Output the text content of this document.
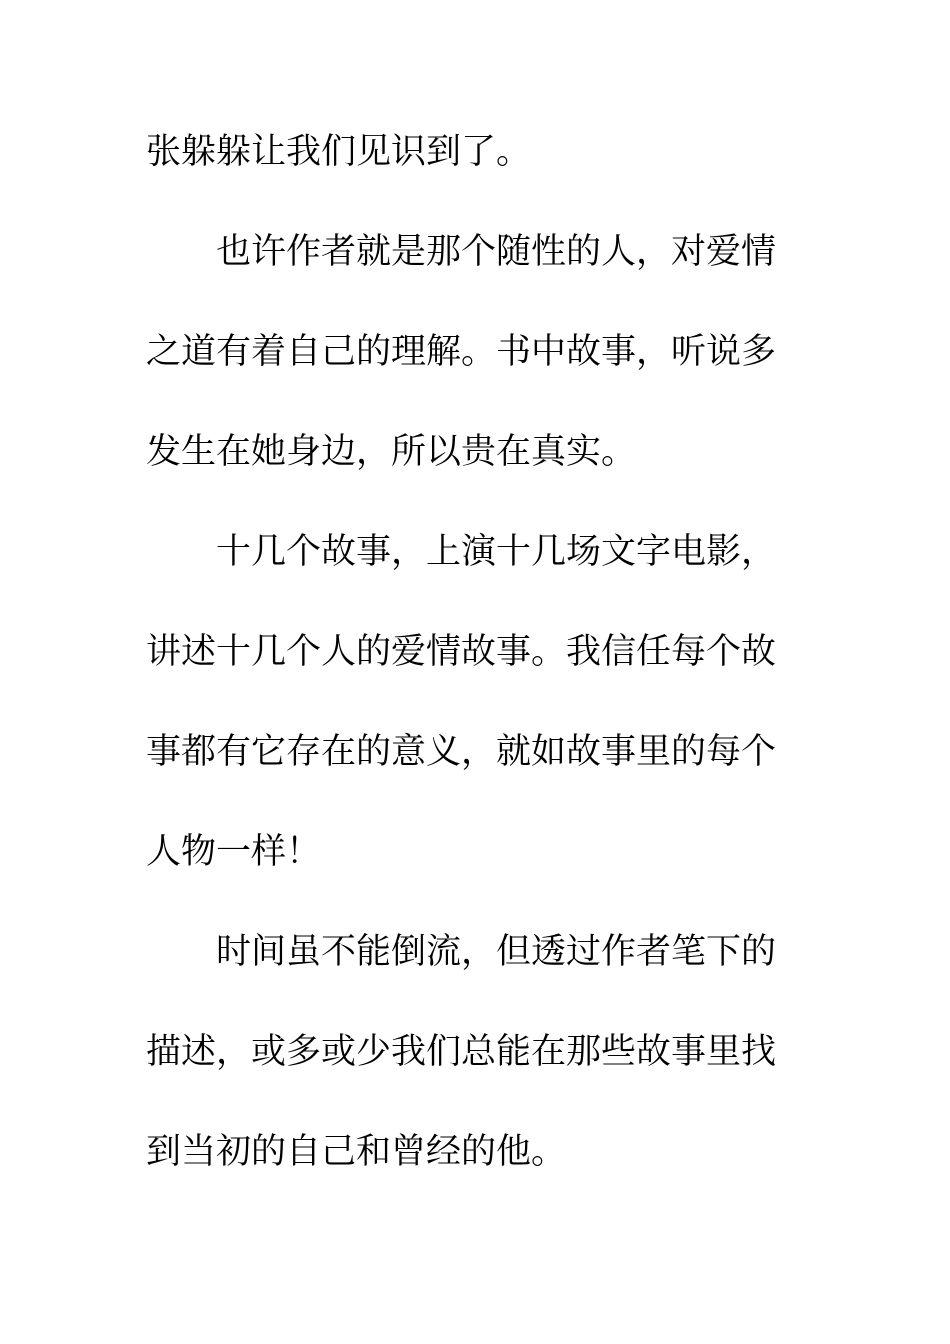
张躲躲让我们见识到了。

也许作者就是那个随性的人，对爱情

之道有着自己的理解。书中故事，听说多

发生在她身边，所以贵在真实。

十几个故事，上演十几场文字电影，

讲述十几个人的爱情故事。我信任每个故

事都有它存在的意义，就如故事里的每个

人物一样！

时间虽不能倒流，但透过作者笔下的

描述，或多或少我们总能在那些故事里找

到当初的自己和曾经的他。
